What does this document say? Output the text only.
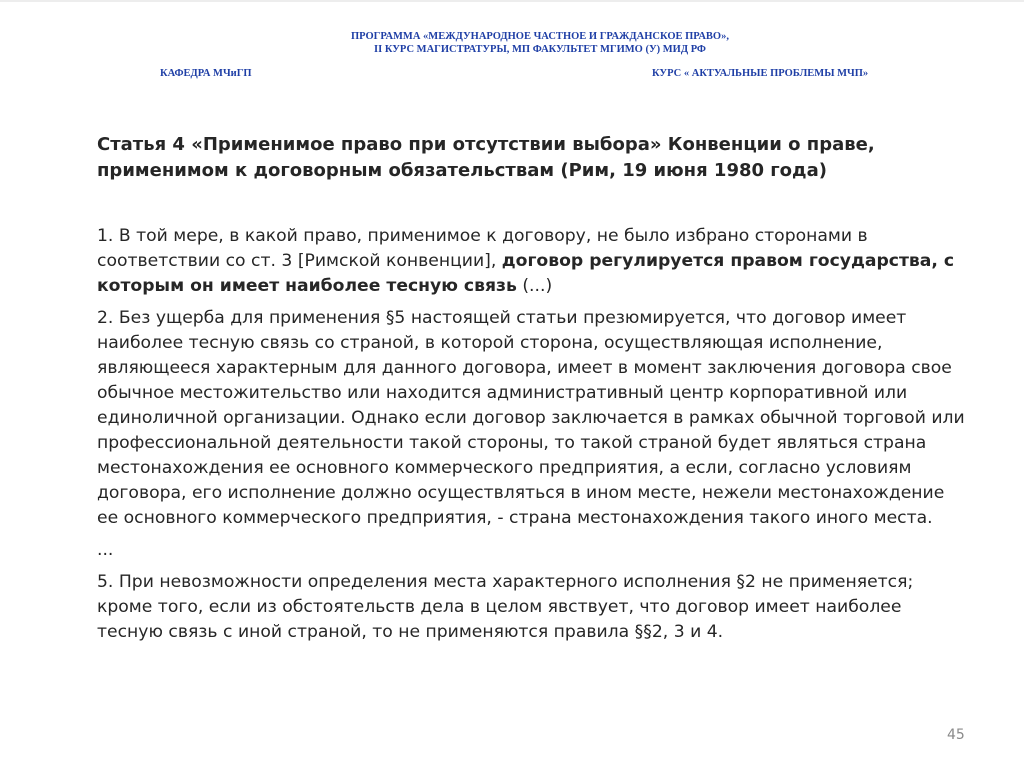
ПРОГРАММА «МЕЖДУНАРОДНОЕ ЧАСТНОЕ И ГРАЖДАНСКОЕ ПРАВО»,
II КУРС МАГИСТРАТУРЫ, МП ФАКУЛЬТЕТ МГИМО (У) МИД РФ
КАФЕДРА МЧиГП	КУРС « АКТУАЛЬНЫЕ ПРОБЛЕМЫ МЧП»
Статья 4 «Применимое право при отсутствии выбора» Конвенции о праве,
применимом к договорным обязательствам (Рим, 19 июня 1980 года)

1. В той мере, в какой право, применимое к договору, не было избрано сторонами в соответствии со ст. 3 [Римской конвенции], договор регулируется правом государства, с которым он имеет наиболее тесную связь (...)

2. Без ущерба для применения §5 настоящей статьи презюмируется, что договор имеет наиболее тесную связь со страной, в которой сторона, осуществляющая исполнение, являющееся характерным для данного договора, имеет в момент заключения договора свое обычное местожительство или находится административный центр корпоративной или единоличной организации. Однако если договор заключается в рамках обычной торговой или профессиональной деятельности такой стороны, то такой страной будет являться страна местонахождения ее основного коммерческого предприятия, а если, согласно условиям договора, его исполнение должно осуществляться в ином месте, нежели местонахождение ее основного коммерческого предприятия, - страна местонахождения такого иного места.

...

5. При невозможности определения места характерного исполнения §2 не применяется; кроме того, если из обстоятельств дела в целом явствует, что договор имеет наиболее тесную связь с иной страной, то не применяются правила §§2, 3 и 4.

45
